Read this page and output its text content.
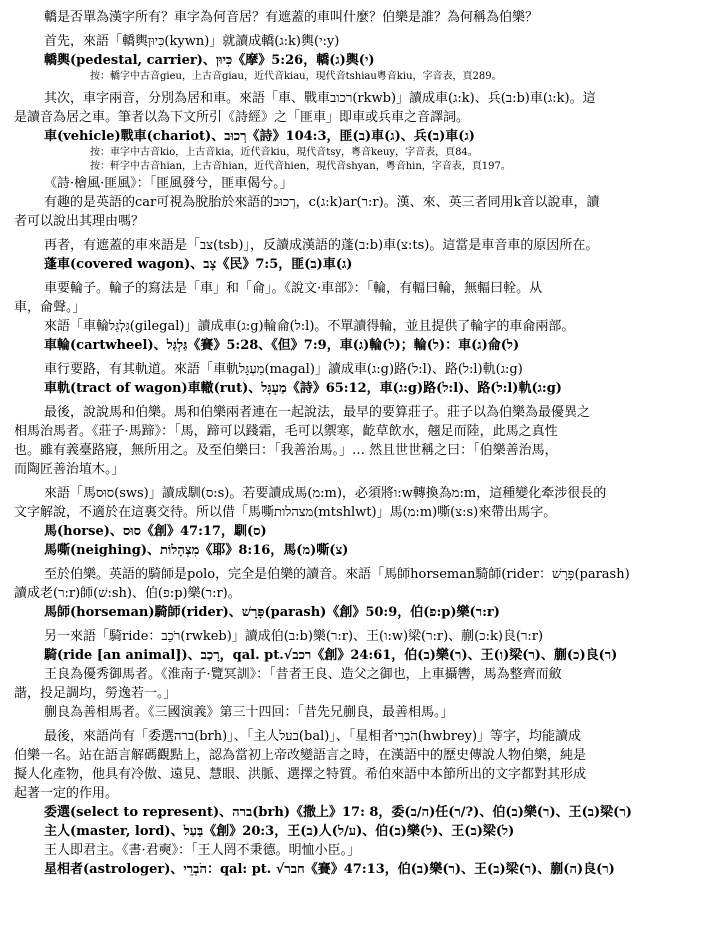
轎是否單為漢字所有？車字為何音居？有遮蓋的車叫什麼？伯樂是誰？為何稱為伯樂？
首先，來語「轎輿כִּיוּן(kywn)」就讀成轎(ג:k)輿(י:y)
轎輿(pedestal, carrier)、כִּיוּן《摩》5:26，轎(ג)輿(י)
按：轎字中古音gieu，上古音giau，近代音kiau，現代音tshiau粵音kiu，字音表，頁289。
其次，車字兩音，分別為居和車。來語「車、戰車רכוב(rkwb)」讀成車(ג:k)、兵(ב:b)車(ג:k)。這
是讀音為居之車。筆者以為下文所引《詩經》之「匪車」即車或兵車之音譯詞。
車(vehicle)戰車(chariot)、רְכוּב《詩》104:3，匪(ב)車(ג)、兵(ב)車(ג)
按：車字中古音kio，上古音kia，近代音kiu，現代音tsy，粵音keuy，字音表，頁84。
按：軒字中古音hian，上古音hian，近代音hien，現代音shyan，粵音hin，字音表，頁197。
《詩·檜風·匪風》：「匪風發兮，匪車偈兮。」
有趣的是英語的car可視為脫胎於來語的רְכוּב，c(ג:k)ar(ר:r)。漢、來、英三者同用k音以說車，讀
者可以說出其理由嗎？
再者，有遮蓋的車來語是「צב(tsb)」，反讀成漢語的蓬(ב:b)車(צ:ts)。這當是車音車的原因所在。
蓬車(covered wagon)、צָב《民》7:5，匪(ב)車(ג)
車要輪子。輪子的寫法是「車」和「侖」。《說文·車部》：「輪，有輻曰輪，無輻曰輇。从
車，侖聲。」
來語「車輪גִּלְגַּל(gilegal)」讀成車(ג:g)輪侖(ל:l)。不單讀得輪，並且提供了輪字的車侖兩部。
車輪(cartwheel)、גַּלְגַּל《賽》5:28、《但》7:9，車(ג)輪(ל)；輪(ל)：車(ג)侖(ל)
車行要路，有其軌道。來語「車軌מַעְגָּל(magal)」讀成車(ג:g)路(ל:l)、路(ל:l)軌(ג:g)
車軌(tract of wagon)車轍(rut)、מַעְגָּל《詩》65:12，車(ג:g)路(ל:l)、路(ל:l)軌(ג:g)
最後，說說馬和伯樂。馬和伯樂兩者連在一起說法，最早的要算莊子。莊子以為伯樂為最優異之
相馬治馬者。《莊子·馬蹄》：「馬，蹄可以踐霜，毛可以禦寒，齕草飲水，翹足而陸，此馬之真性
也。雖有義臺路寢，無所用之。及至伯樂曰：「我善治馬。」… 然且世世稱之曰：「伯樂善治馬，
而陶匠善治埴木。」
來語「馬סוּס(sws)」讀成馴(ס:s)。若要讀成馬(מ:m)，必須將ו:w轉換為מ:m，這種變化牽涉很長的
文字解說，不適於在這裏交待。所以借「馬嘶מצהלות(mtshlwt)」馬(מ:m)嘶(צ:s)來帶出馬字。
馬(horse)、סוּס《創》47:17，馴(ס)
馬嘶(neighing)、מִצְהָלוֹת《耶》8:16，馬(מ)嘶(צ)
至於伯樂。英語的騎師是polo，完全是伯樂的讀音。來語「馬師horseman騎師(rider：פָּרָשׁ(parash)
讀成老(ר:r)師(שׁ:sh)、伯(פ:p)樂(ר:r)。
馬師(horseman)騎師(rider)、פָּרָשׁ(parash)《創》50:9，伯(פ:p)樂(ר:r)
另一來語「騎ride：רֹכֵב(rwkeb)」讀成伯(ב:b)樂(ר:r)、王(ו:w)梁(ר:r)、蒯(כ:k)良(ר:r)
騎(ride [an animal])、רָכַב，qal. pt.√רכב《創》24:61，伯(ב)樂(ר)、王(ו)梁(ר)、蒯(כ)良(ר)
王良為優秀御馬者。《淮南子·覽冥訓》：「昔者王良、造父之御也，上車攝轡，馬為整齊而斂
諧，投足調均，勞逸若一。」
蒯良為善相馬者。《三國演義》第三十四回：「昔先兄蒯良，最善相馬。」
最後，來語尚有「委選ברה(brh)」、「主人בעל(bal)」、「星相者הֹבְרֵי(hwbrey)」等字，均能讀成
伯樂一名。站在語言解碼觀點上，認為當初上帝改變語言之時，在漢語中的歷史傳說人物伯樂，純是
擬人化產物，他具有冷傲、遠見、慧眼、洪脈、選擇之特質。希伯來語中本節所出的文字都對其形成
起著一定的作用。
委選(select to represent)、ברה(brh)《撒上》17: 8，委(ה/ב)任(ר/?)、伯(ב)樂(ר)、王(ב)梁(ר)
主人(master, lord)、בַּעַל《創》20:3，王(ב)人(ע/ל)、伯(ב)樂(ל)、王(ב)梁(ל)
王人即君主。《書·君奭》：「王人罔不秉德。明恤小臣。」
星相者(astrologer)、הֹבְרֵי：qal: pt. √חבר《賽》47:13，伯(ב)樂(ר)、王(ב)梁(ר)、蒯(ה)良(ר)
